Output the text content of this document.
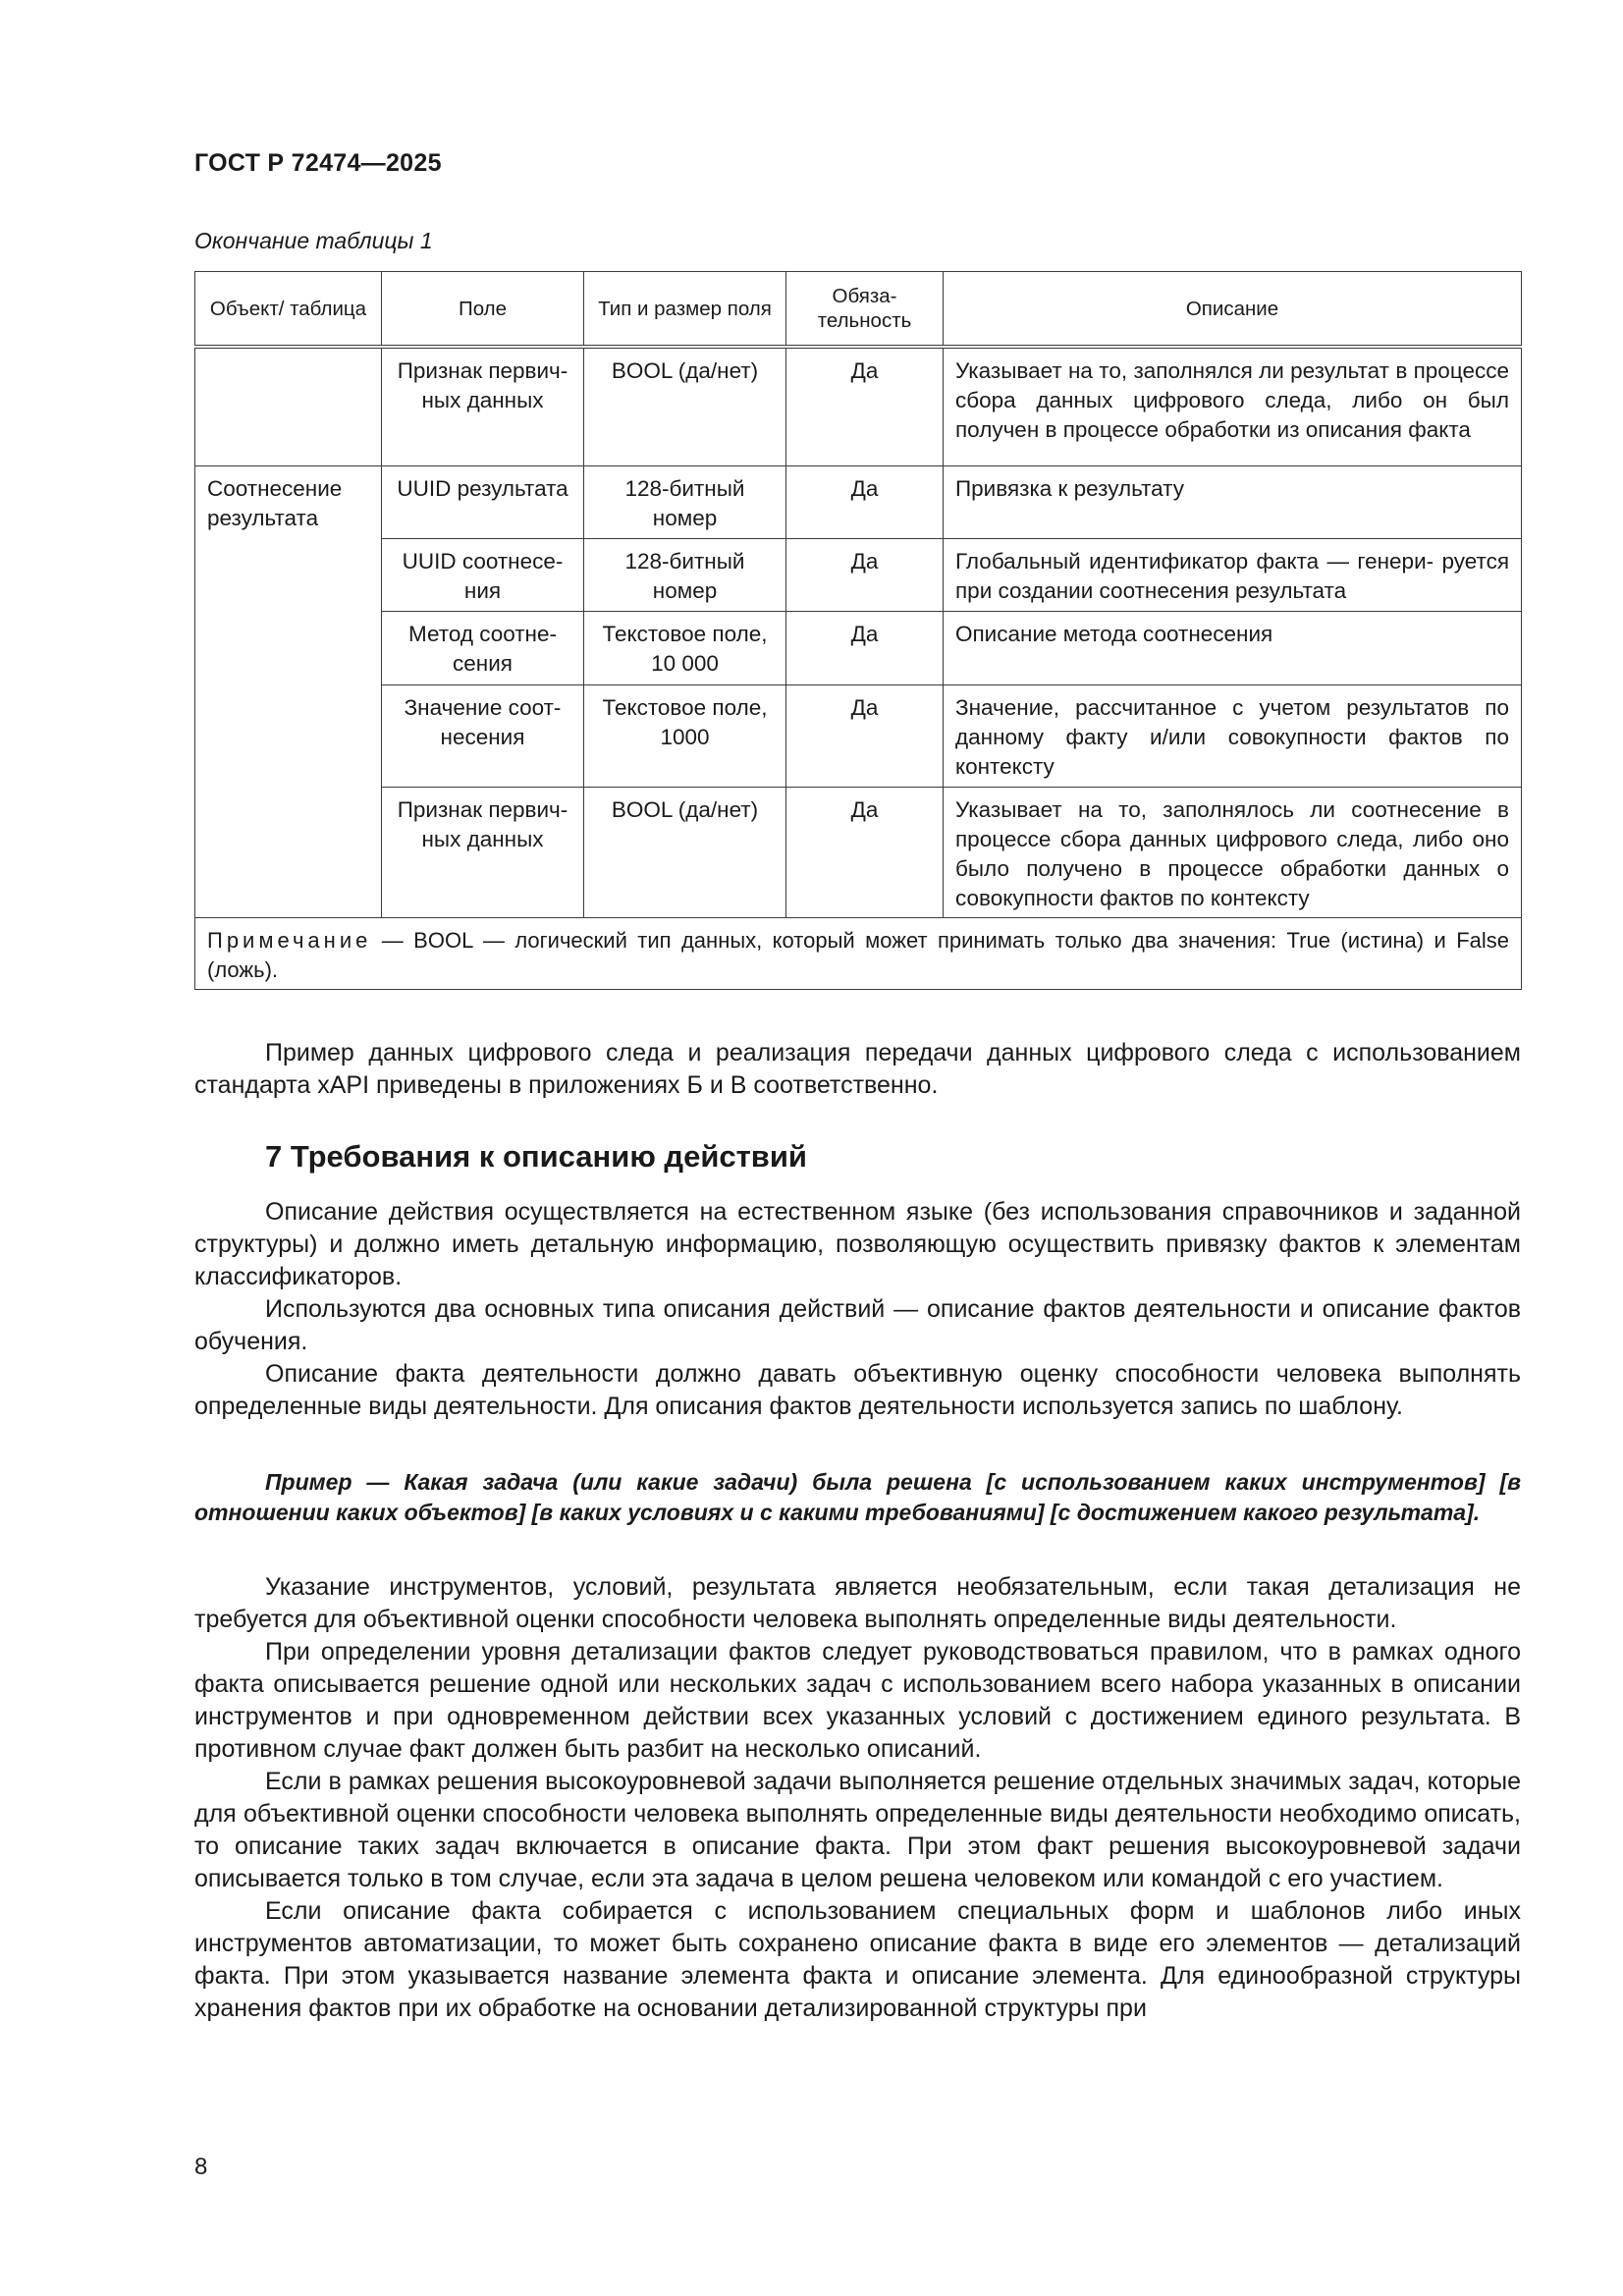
ГОСТ Р 72474—2025
Окончание таблицы 1
Объект/ таблица	Поле	Тип и размер поля	Обяза- тельность	Описание
	Признак первич- ных данных	BOOL (да/нет)	Да	Указывает на то, заполнялся ли результат в процессе сбора данных цифрового следа, либо он был получен в процессе обработки из описания факта
Соотнесение результата	UUID результата	128-битный номер	Да	Привязка к результату
	UUID соотнесе- ния	128-битный номер	Да	Глобальный идентификатор факта — генери- руется при создании соотнесения результата
	Метод соотне- сения	Текстовое поле, 10 000	Да	Описание метода соотнесения
	Значение соот- несения	Текстовое поле, 1000	Да	Значение, рассчитанное с учетом результатов по данному факту и/или совокупности фактов по контексту
	Признак первич- ных данных	BOOL (да/нет)	Да	Указывает на то, заполнялось ли соотнесение в процессе сбора данных цифрового следа, либо оно было получено в процессе обработки данных о совокупности фактов по контексту
Примечание — BOOL — логический тип данных, который может принимать только два значения: True (истина) и False (ложь).				

Пример данных цифрового следа и реализация передачи данных цифрового следа с использованием стандарта xAPI приведены в приложениях Б и В соответственно.

7 Требования к описанию действий

Описание действия осуществляется на естественном языке (без использования справочников и заданной структуры) и должно иметь детальную информацию, позволяющую осуществить привязку фактов к элементам классификаторов.

Используются два основных типа описания действий — описание фактов деятельности и описание фактов обучения.

Описание факта деятельности должно давать объективную оценку способности человека выполнять определенные виды деятельности. Для описания фактов деятельности используется запись по шаблону.

Пример — Какая задача (или какие задачи) была решена [с использованием каких инструментов] [в отношении каких объектов] [в каких условиях и с какими требованиями] [с достижением какого результата].

Указание инструментов, условий, результата является необязательным, если такая детализация не требуется для объективной оценки способности человека выполнять определенные виды деятельности.

При определении уровня детализации фактов следует руководствоваться правилом, что в рамках одного факта описывается решение одной или нескольких задач с использованием всего набора указанных в описании инструментов и при одновременном действии всех указанных условий с достижением единого результата. В противном случае факт должен быть разбит на несколько описаний.

Если в рамках решения высокоуровневой задачи выполняется решение отдельных значимых задач, которые для объективной оценки способности человека выполнять определенные виды деятельности необходимо описать, то описание таких задач включается в описание факта. При этом факт решения высокоуровневой задачи описывается только в том случае, если эта задача в целом решена человеком или командой с его участием.

Если описание факта собирается с использованием специальных форм и шаблонов либо иных инструментов автоматизации, то может быть сохранено описание факта в виде его элементов — детализаций факта. При этом указывается название элемента факта и описание элемента. Для единообразной структуры хранения фактов при их обработке на основании детализированной структуры при

8
